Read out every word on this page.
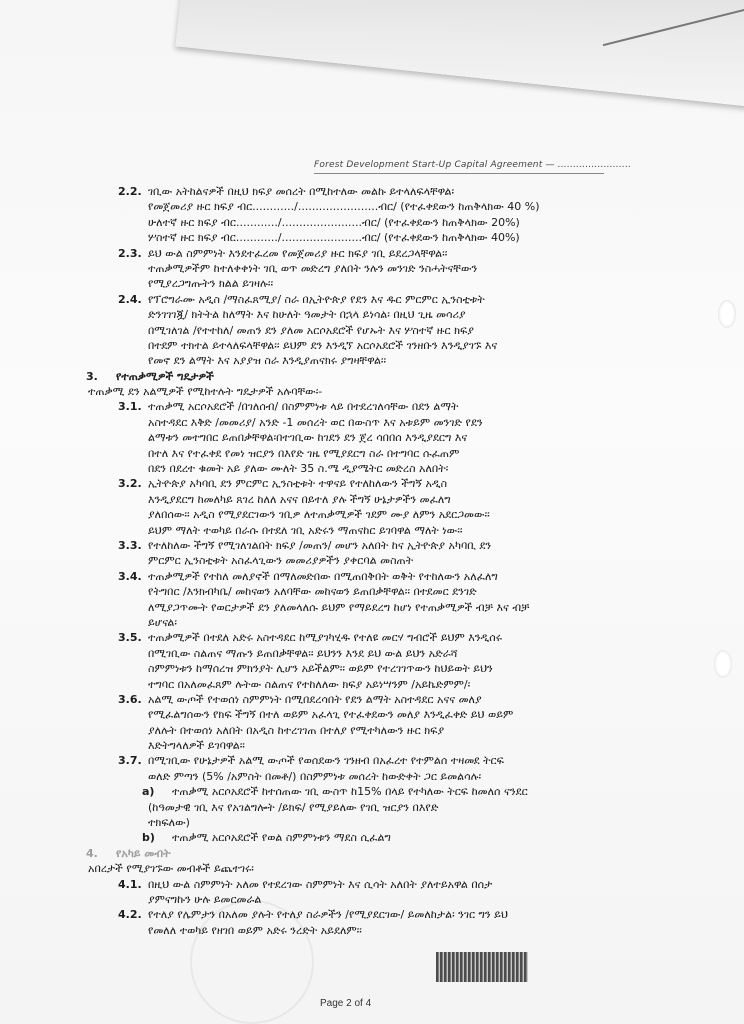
Forest Development Start-Up Capital Agreement — ........................
2.2. ገቢው አትከልናዎች በዚህ ክፍያ መሰረት በሚከተለው መልኩ ይተላለፍላቸዋል፡
የመጀመሪያ ዙር ክፍያ ብር............/.......................ብር/ (የተፈቀደውን ከጠቅላክው 40 %)
ሁለተኛ ዙር ክፍያ ብር............/.......................ብር/ (የተፈቀደውን ከጠቅላክው 20%)
ሦስተኛ ዙር ክፍያ ብር............/.......................ብር/ (የተፈቀደውን ከጠቅላክው 40%)
2.3. ይህ ውል ስምምነት እንደተፈረመ የመጀመሪያ ዙር ክፍያ ገቢ ይደረጋላቸዋል፡፡
ተጠቃሚዎችም ከተለቀቀነት ገቢ ወጥ መድረግ ያለበት ንሉን መንገድ ንስሓትናቸውን
የሚያረጋግጡትን ክልል ይገዛሉ፡፡
2.4. የፕሮግራሙ አዲስ /ማስፈጸሚያ/ ስራ በኢትዮጵያ የደን እና ዱር ምርምር ኢንስቲቱት
ድንገገገጇ/ ክትትል ከለማት እና ከሁለት ዓመታት በኋላ ይነሳል፡ በዚህ ጊዜ መሳሪያ
በሚገለገል /የተተከለ/ መጠን ደን ያለመ አርሶአደሮች የሆኡት እና ሦስተኛ ዙር ክፍያ
በተደም ተክተል ይተላለፍላቸዋል፡፡ ይህም ደን እንዲኘ አርሶአደሮች ገንዘቡን እንዲያገኙ እና
የመኖ ደን ልማት እና አያያዝ ስራ እንዲያጠናክሩ ያግዛቸዋል፡፡
3. የተጠቃሚዎች ግዴታዎች
ተጠቃሚ ደን አልሚዎች የሚከተሉት ግዴታዎች አሉባቸው፡-
3.1. ተጠቃሚ አርሶአደሮች /በገለሰብ/ በስምምነቱ ላይ በተደረገለሳቸው በደን ልማት
አስተዳደር እቅድ /መመሪያ/ አንድ -1 መሰረት ወር በውስጥ እና አቱይም መንገድ የደን
ልማቱን መተግበር ይጠበቃቸዋል፡በተገቢው ከገደን ደን ጀረ ሳበበሰ እንዲያደርግ እና
በተለ እና የተፈቀደ የመነ ዝርያን በእየድ ገዜ የሚያደርግ ስራ በተግባር ሱፈጠም
በደን በደረተ ቁመት አይ ያለው ሙለት 35 ስ.ሜ ዲያሜትር መድረስ አለበት፡
3.2. ኢትዮጵያ አካባቢ ደን ምርምር ኢንስቲቱት ተዋናይ የተለከለውን ችግኝ አዲስ
እንዲያደርግ ከመለካይ ጸገረ ከለለ አናና በይተለ ያሉ ችግኝ ሁኔታዎችን መፈለግ
ያለበሰው፡፡ አዲስ የሚያደርገውን ገቢዎ ለተጠቃሚዎች ገደም ሙያ ለምን አደርጋመው፡፡
ይህም ማለት ተወካይ በራሱ በተደለ ገቢ አድሩን ማጠናከር ይገባዋል ማለት ነው፡፡
3.3. የተለከለው ችግኝ የሚገለገልበት ክፍያ /መጠን/ መሆን አለበት ከና ኢትዮጵያ አካባቢ ደን
ምርምር ኢንስቲቱት አስፈላጊውን መመሪያዎችን ያቀርባል መስጠት
3.4. ተጠቃሚዎች የተከለ መለያኖች በማለመድበው በሚጠበቅበት ወቅት የተከለውን አለፈለግ
የትግበር /እንክብካቤ/ መከናወን አለባቸው መከናወን ይጠበቃቸዋል፡፡ በተደመር ደንገድ
ለሚያጋጥሙት የወርታዎች ደን ያለመላለሱ ይህም የማይደረግ ከሆነ የተጠቃሚዎች ብቻ እና ብቻ
ይሆናል፡
3.5. ተጠቃሚዎች በተደለ አድሩ አስተዳደር ከሚያገካሂዱ የተለዩ መርሃ ግብሮች ይህም እንዲሰሩ
በሚገቢው ስልጠና ማጡን ይጠበቃቸዋል፡፡ ይህንን እንደ ይህ ውል ይህን አድራሻ
ስምምነቱን ከማሰረዝ ምክንያት ሊሆን አይችልም፡፡ ወይም የተረገገጥውን ከህይወት ይህን
ተግባር በአለመፈጸም ሉትው ስልጠና የተከለለው ክፍያ አይነሣንም /አይኬድምም/፡
3.6. አልሚ ውጦች የተወሰነ ስምምነት በሚበደረሳበት የደን ልማት አስተዳደር አናና መለያ
የሚፈልግሰውን የክፍ ችግኝ በተለ ወይም አፈላጊ የተፈቀደውን መለያ እንዲፈቀድ ይህ ወይም
ያለሉት በተወሰነ አለበት በአዲስ ከተረገገጠ በተለያ የሚተካለውን ዙር ክፍያ
እድትግላለዎች ይገባዋል፡፡
3.7. በሚገቢው የሁኔታዎች አልሚ ውጦች የወሰደውን ገንዘብ በአፈረተ የተምልሰ ተዛመደ ትርፍ
ወለድ ምጣን (5% /አምስት በመቶ/) በስምምነቱ መሰረት ከውድቀት ጋር ይመልሳሉ፡
a) ተጠቃሚ አርሶአደሮች ከተሰጠው ገቢ ውስጥ ከ15% በላይ የተካለው ትርፍ ከመለሰ ናንደር
(ከዓመታዊ ገቢ እና የአገልግሎት /ይክፍ/ የሚያይለው የገቢ ዝርያን በእየድ
ተክፍለው)
b) ተጠቃሚ አርሶአደሮች የወል ስምምነቱን ማደስ ሲፈልግ
4. የአካይ መብት
አበረታች የሚያገኙው መብቶች ይጨተገሩ፡
4.1. በዚህ ውል ስምምነት አለመ የተደረገው ስምምነት እና ሲሳት አለበት ያለተይአዋል በሰታ
ያምናግኩን ሁሉ ይመርመራል
4.2. የተለያ የሌምታን በአለመ ያሉት የተለያ ስራዎችን /የሚያደርገው/ ይመለከታል፡ ንገር ግን ይህ
የመለለ ተወካይ የዘገበ ወይም አድሩ ንረድት አይደለም፡፡
Page 2 of 4
